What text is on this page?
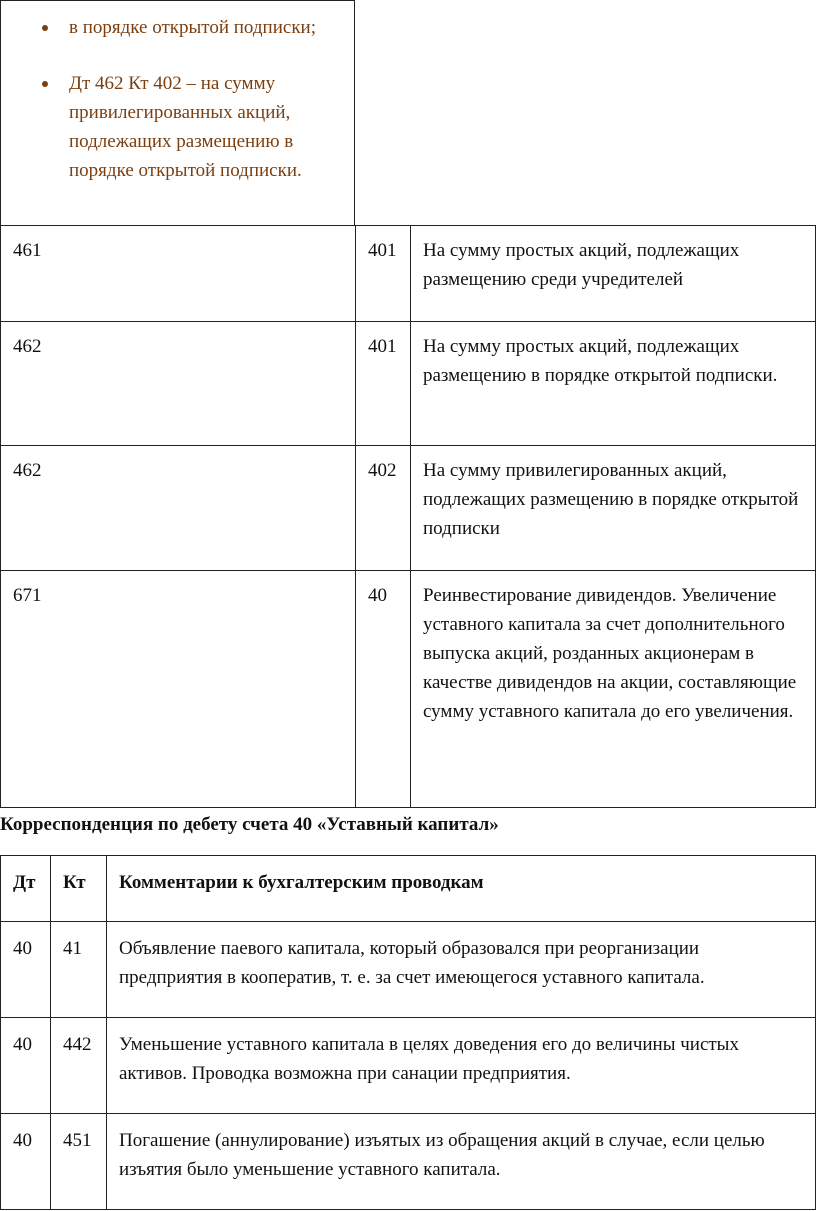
в порядке открытой подписки;
Дт 462 Кт 402 – на сумму привилегированных акций, подлежащих размещению в порядке открытой подписки.
461	401	На сумму простых акций, подлежащих размещению среди учредителей
462	401	На сумму простых акций, подлежащих размещению в порядке открытой подписки.
462	402	На сумму привилегированных акций, подлежащих размещению в порядке открытой подписки
671	40	Реинвестирование дивидендов. Увеличение уставного капитала за счет дополнительного выпуска акций, розданных акционерам в качестве дивидендов на акции, составляющие сумму уставного капитала до его увеличения.

Корреспонденция по дебету счета 40 «Уставный капитал»

Дт	Кт	Комментарии к бухгалтерским проводкам
40	41	Объявление паевого капитала, который образовался при реорганизации предприятия в кооператив, т. е. за счет имеющегося уставного капитала.
40	442	Уменьшение уставного капитала в целях доведения его до величины чистых активов. Проводка возможна при санации предприятия.
40	451	Погашение (аннулирование) изъятых из обращения акций в случае, если целью изъятия было уменьшение уставного капитала.
